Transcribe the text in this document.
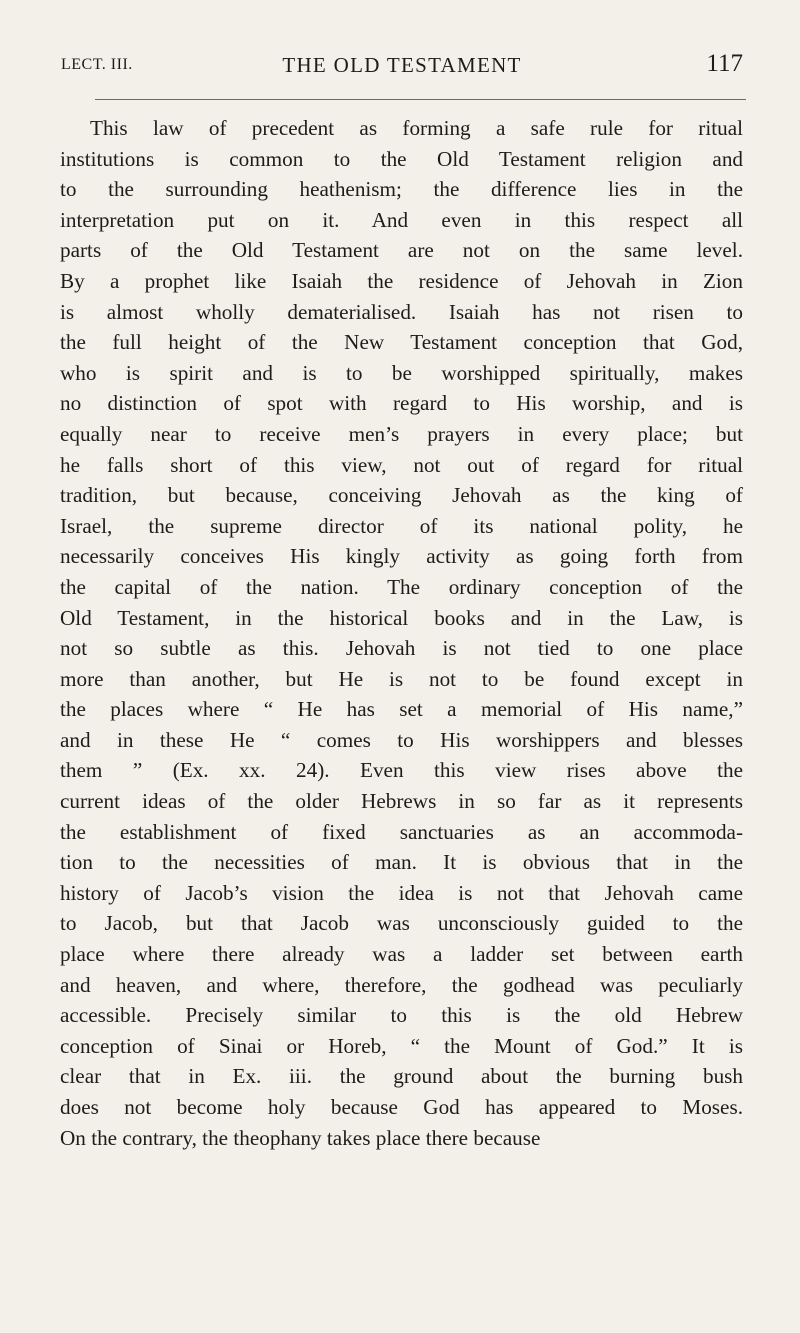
LECT. III.	THE OLD TESTAMENT	117
This law of precedent as forming a safe rule for ritual
institutions is common to the Old Testament religion and
to the surrounding heathenism; the difference lies in the
interpretation put on it. And even in this respect all
parts of the Old Testament are not on the same level.
By a prophet like Isaiah the residence of Jehovah in Zion
is almost wholly dematerialised. Isaiah has not risen to
the full height of the New Testament conception that God,
who is spirit and is to be worshipped spiritually, makes
no distinction of spot with regard to His worship, and is
equally near to receive men’s prayers in every place; but
he falls short of this view, not out of regard for ritual
tradition, but because, conceiving Jehovah as the king of
Israel, the supreme director of its national polity, he
necessarily conceives His kingly activity as going forth from
the capital of the nation. The ordinary conception of the
Old Testament, in the historical books and in the Law, is
not so subtle as this. Jehovah is not tied to one place
more than another, but He is not to be found except in
the places where “ He has set a memorial of His name,”
and in these He “ comes to His worshippers and blesses
them ” (Ex. xx. 24). Even this view rises above the
current ideas of the older Hebrews in so far as it represents
the establishment of fixed sanctuaries as an accommoda-
tion to the necessities of man. It is obvious that in the
history of Jacob’s vision the idea is not that Jehovah came
to Jacob, but that Jacob was unconsciously guided to the
place where there already was a ladder set between earth
and heaven, and where, therefore, the godhead was peculiarly
accessible. Precisely similar to this is the old Hebrew
conception of Sinai or Horeb, “ the Mount of God.” It is
clear that in Ex. iii. the ground about the burning bush
does not become holy because God has appeared to Moses.
On the contrary, the theophany takes place there because
